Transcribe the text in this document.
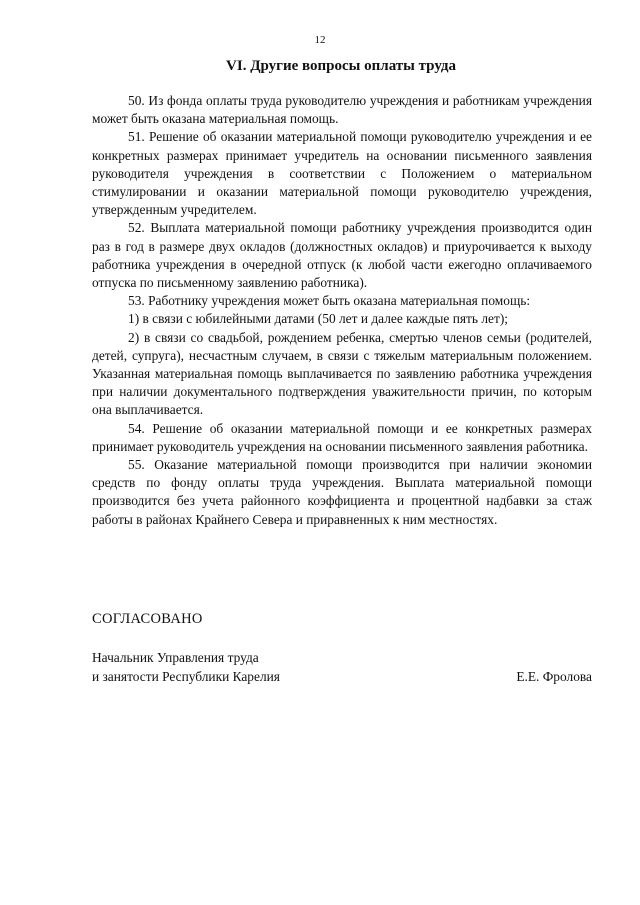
12
VI. Другие вопросы оплаты труда

50. Из фонда оплаты труда руководителю учреждения и работникам учреждения может быть оказана материальная помощь.

51. Решение об оказании материальной помощи руководителю учреждения и ее конкретных размерах принимает учредитель на основании письменного заявления руководителя учреждения в соответствии с Положением о материальном стимулировании и оказании материальной помощи руководителю учреждения, утвержденным учредителем.

52. Выплата материальной помощи работнику учреждения производится один раз в год в размере двух окладов (должностных окладов) и приурочивается к выходу работника учреждения в очередной отпуск (к любой части ежегодно оплачиваемого отпуска по письменному заявлению работника).

53. Работнику учреждения может быть оказана материальная помощь:

1) в связи с юбилейными датами (50 лет и далее каждые пять лет);

2) в связи со свадьбой, рождением ребенка, смертью членов семьи (родителей, детей, супруга), несчастным случаем, в связи с тяжелым материальным положением. Указанная материальная помощь выплачивается по заявлению работника учреждения при наличии документального подтверждения уважительности причин, по которым она выплачивается.

54. Решение об оказании материальной помощи и ее конкретных размерах принимает руководитель учреждения на основании письменного заявления работника.

55. Оказание материальной помощи производится при наличии экономии средств по фонду оплаты труда учреждения. Выплата материальной помощи производится без учета районного коэффициента и процентной надбавки за стаж работы в районах Крайнего Севера и приравненных к ним местностях.

СОГЛАСОВАНО
Начальник Управления труда
и занятости Республики Карелия	Е.Е. Фролова
